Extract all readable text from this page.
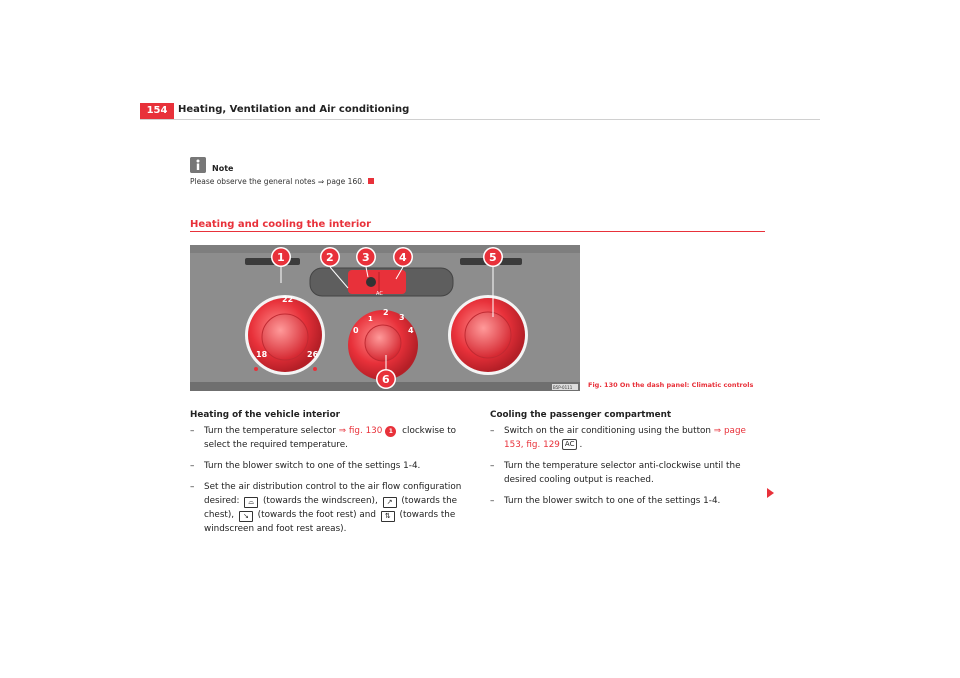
154	Heating, Ventilation and Air conditioning
Note
Please observe the general notes ⇒ page 160.
Heating and cooling the interior
AC
22
18	26
0
1
2
3
4
1	2	3	4	5
6
B5P-0111 Fig. 130 On the dash panel: Climatic controls
Heating of the vehicle interior
– Turn the temperature selector ⇒ fig. 130 1 clockwise to select the required temperature.
– Turn the blower switch to one of the settings 1-4.
– Set the air distribution control to the air flow configuration desired: ⌓ (towards the windscreen), ↗ (towards the chest), ↘ (towards the foot rest) and ⇅ (towards the windscreen and foot rest areas).
Cooling the passenger compartment
– Switch on the air conditioning using the button ⇒ page 153, fig. 129 AC .
– Turn the temperature selector anti-clockwise until the desired cooling output is reached.
– Turn the blower switch to one of the settings 1-4.
